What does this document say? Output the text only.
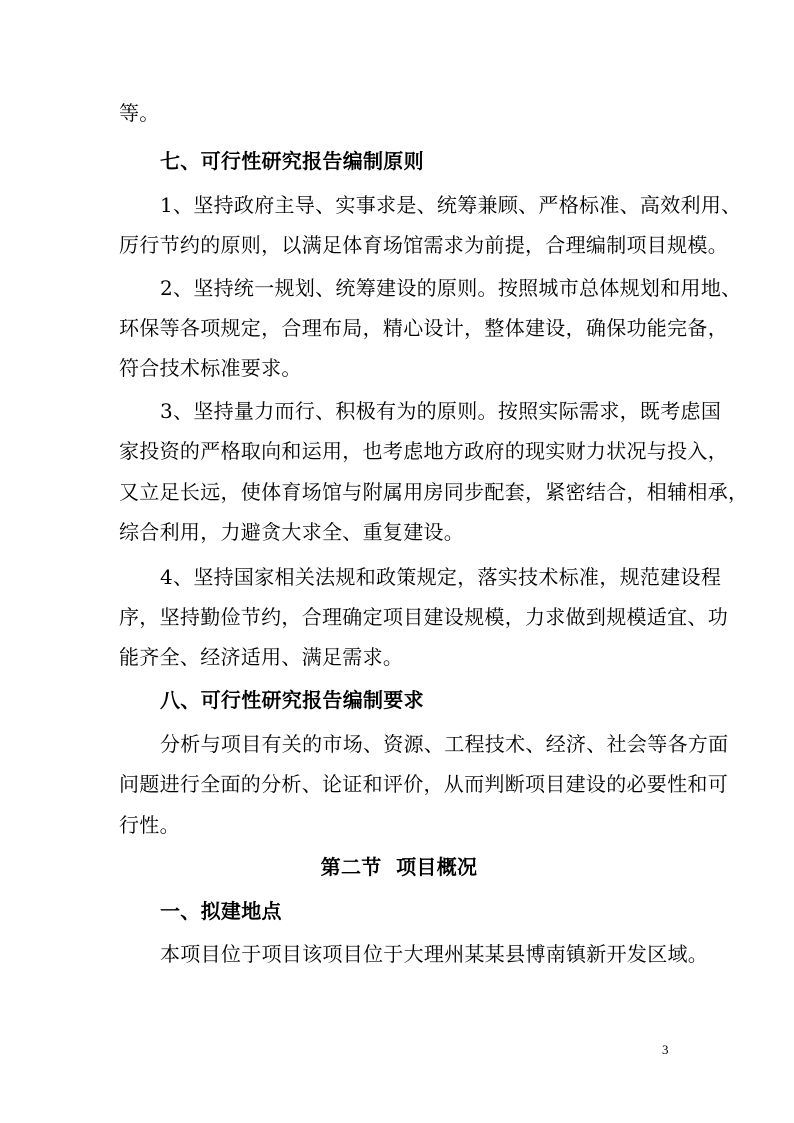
等。
七、可行性研究报告编制原则
1、坚持政府主导、实事求是、统筹兼顾、严格标准、高效利用、
厉行节约的原则，以满足体育场馆需求为前提，合理编制项目规模。
2、坚持统一规划、统筹建设的原则。按照城市总体规划和用地、
环保等各项规定，合理布局，精心设计，整体建设，确保功能完备，
符合技术标准要求。
3、坚持量力而行、积极有为的原则。按照实际需求，既考虑国
家投资的严格取向和运用，也考虑地方政府的现实财力状况与投入，
又立足长远，使体育场馆与附属用房同步配套，紧密结合，相辅相承，
综合利用，力避贪大求全、重复建设。
4、坚持国家相关法规和政策规定，落实技术标准，规范建设程
序，坚持勤俭节约，合理确定项目建设规模，力求做到规模适宜、功
能齐全、经济适用、满足需求。
八、可行性研究报告编制要求
分析与项目有关的市场、资源、工程技术、经济、社会等各方面
问题进行全面的分析、论证和评价，从而判断项目建设的必要性和可
行性。
第二节  项目概况
一、拟建地点
本项目位于项目该项目位于大理州某某县博南镇新开发区域。
3
